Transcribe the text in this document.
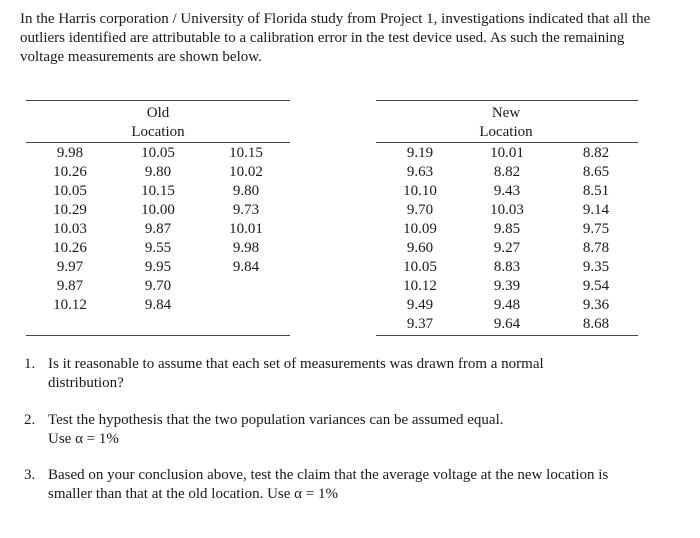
In the Harris corporation / University of Florida study from Project 1, investigations indicated that all the outliers identified are attributable to a calibration error in the test device used. As such the remaining voltage measurements are shown below.
Old
Location
9.98
10.26
10.05
10.29
10.03
10.26
9.97
9.87
10.12
10.05
9.80
10.15
10.00
9.87
9.55
9.95
9.70
9.84
10.15
10.02
9.80
9.73
10.01
9.98
9.84
New
Location
9.19
9.63
10.10
9.70
10.09
9.60
10.05
10.12
9.49
9.37
10.01
8.82
9.43
10.03
9.85
9.27
8.83
9.39
9.48
9.64
8.82
8.65
8.51
9.14
9.75
8.78
9.35
9.54
9.36
8.68
1. Is it reasonable to assume that each set of measurements was drawn from a normal distribution?
2. Test the hypothesis that the two population variances can be assumed equal.
Use α = 1%
3. Based on your conclusion above, test the claim that the average voltage at the new location is smaller than that at the old location. Use α = 1%
